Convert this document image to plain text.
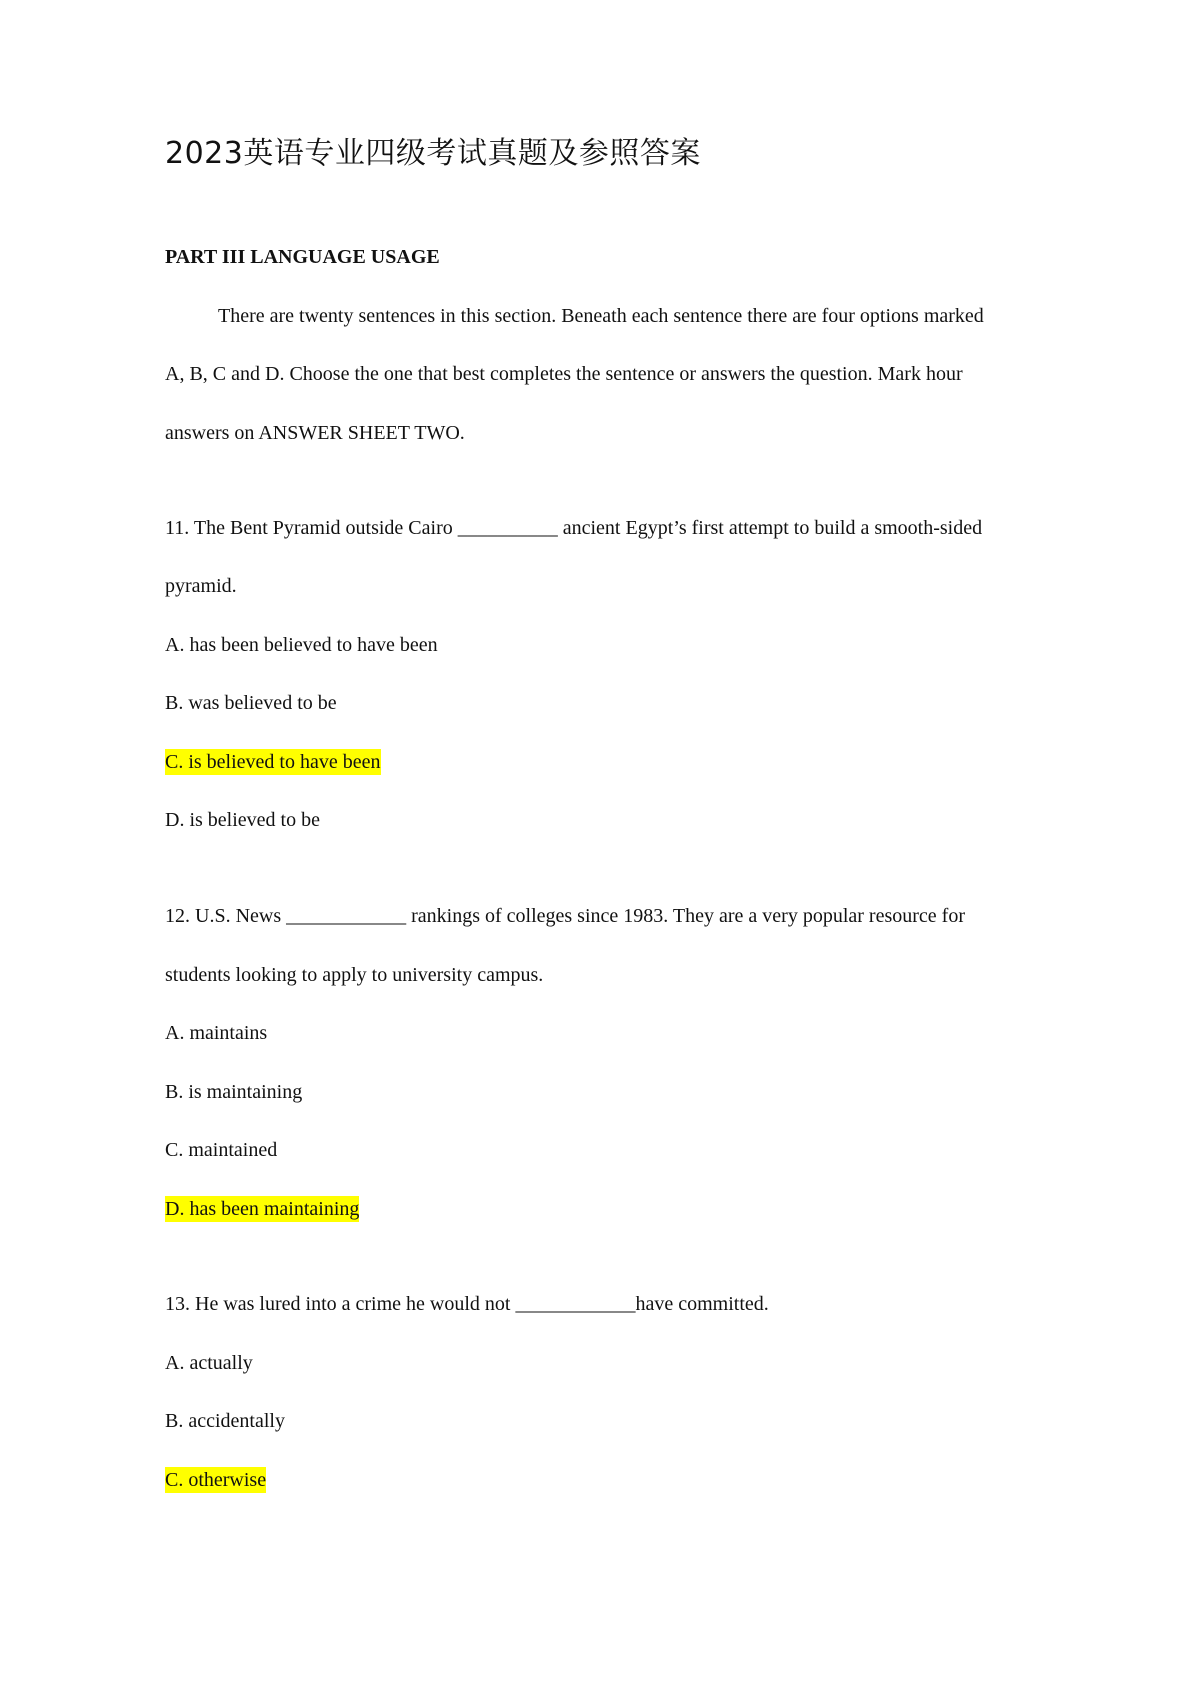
2023英语专业四级考试真题及参照答案
PART III LANGUAGE USAGE
There are twenty sentences in this section. Beneath each sentence there are four options marked
A, B, C and D. Choose the one that best completes the sentence or answers the question. Mark hour
answers on ANSWER SHEET TWO.
11. The Bent Pyramid outside Cairo __________ ancient Egypt’s first attempt to build a smooth-sided
pyramid.
A. has been believed to have been
B. was believed to be
C. is believed to have been
D. is believed to be
12. U.S. News ____________ rankings of colleges since 1983. They are a very popular resource for
students looking to apply to university campus.
A. maintains
B. is maintaining
C. maintained
D. has been maintaining
13. He was lured into a crime he would not ____________have committed.
A. actually
B. accidentally
C. otherwise
